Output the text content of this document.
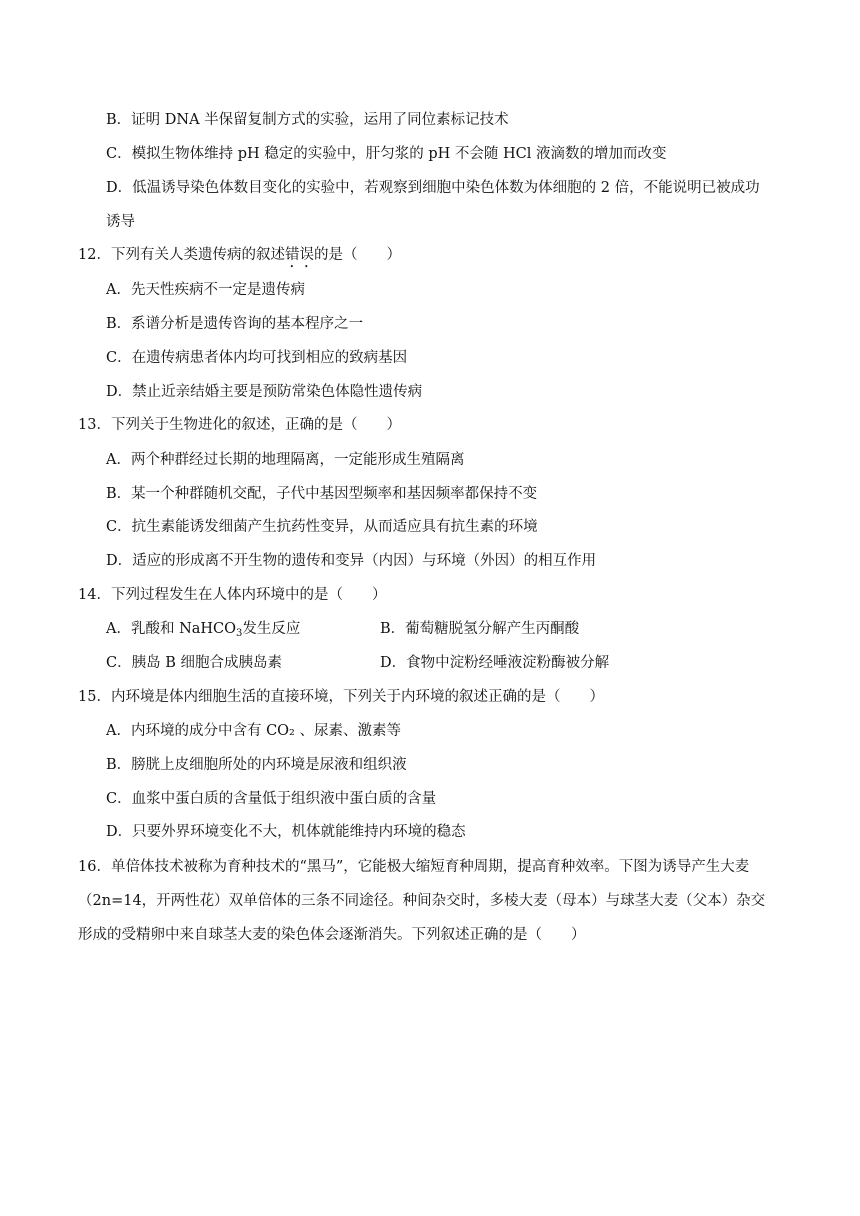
B．证明 DNA 半保留复制方式的实验，运用了同位素标记技术
C．模拟生物体维持 pH 稳定的实验中，肝匀浆的 pH 不会随 HCl 液滴数的增加而改变
D．低温诱导染色体数目变化的实验中，若观察到细胞中染色体数为体细胞的 2 倍，不能说明已被成功
诱导
12．下列有关人类遗传病的叙述错误的是（　　）
A．先天性疾病不一定是遗传病
B．系谱分析是遗传咨询的基本程序之一
C．在遗传病患者体内均可找到相应的致病基因
D．禁止近亲结婚主要是预防常染色体隐性遗传病
13．下列关于生物进化的叙述，正确的是（　　）
A．两个种群经过长期的地理隔离，一定能形成生殖隔离
B．某一个种群随机交配，子代中基因型频率和基因频率都保持不变
C．抗生素能诱发细菌产生抗药性变异，从而适应具有抗生素的环境
D．适应的形成离不开生物的遗传和变异（内因）与环境（外因）的相互作用
14．下列过程发生在人体内环境中的是（　　）
A．乳酸和 NaHCO$_3$发生反应	B．葡萄糖脱氢分解产生丙酮酸
C．胰岛 B 细胞合成胰岛素	D．食物中淀粉经唾液淀粉酶被分解
15．内环境是体内细胞生活的直接环境，下列关于内环境的叙述正确的是（　　）
A．内环境的成分中含有 CO₂ 、尿素、激素等
B．膀胱上皮细胞所处的内环境是尿液和组织液
C．血浆中蛋白质的含量低于组织液中蛋白质的含量
D．只要外界环境变化不大，机体就能维持内环境的稳态
16．单倍体技术被称为育种技术的“黑马”，它能极大缩短育种周期，提高育种效率。下图为诱导产生大麦
（2n=14，开两性花）双单倍体的三条不同途径。种间杂交时，多棱大麦（母本）与球茎大麦（父本）杂交
形成的受精卵中来自球茎大麦的染色体会逐渐消失。下列叙述正确的是（　　）
